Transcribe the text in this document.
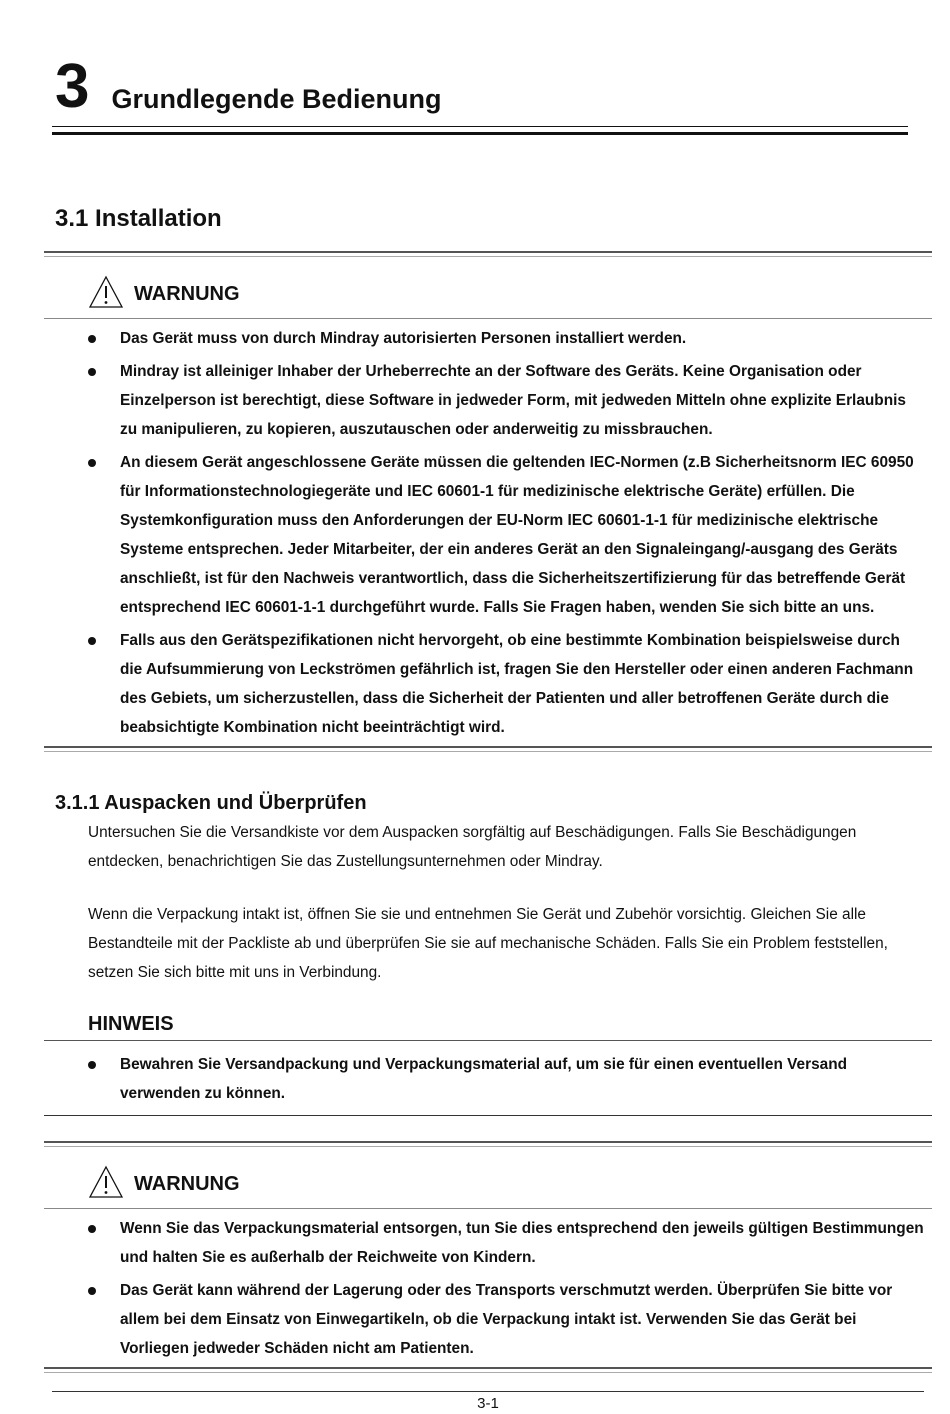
3 Grundlegende Bedienung
3.1 Installation
WARNUNG
Das Gerät muss von durch Mindray autorisierten Personen installiert werden.
Mindray ist alleiniger Inhaber der Urheberrechte an der Software des Geräts. Keine Organisation oder Einzelperson ist berechtigt, diese Software in jedweder Form, mit jedweden Mitteln ohne explizite Erlaubnis zu manipulieren, zu kopieren, auszutauschen oder anderweitig zu missbrauchen.
An diesem Gerät angeschlossene Geräte müssen die geltenden IEC-Normen (z.B Sicherheitsnorm IEC 60950 für Informationstechnologiegeräte und IEC 60601-1 für medizinische elektrische Geräte) erfüllen. Die Systemkonfiguration muss den Anforderungen der EU-Norm IEC 60601-1-1 für medizinische elektrische Systeme entsprechen. Jeder Mitarbeiter, der ein anderes Gerät an den Signaleingang/-ausgang des Geräts anschließt, ist für den Nachweis verantwortlich, dass die Sicherheitszertifizierung für das betreffende Gerät entsprechend IEC 60601-1-1 durchgeführt wurde. Falls Sie Fragen haben, wenden Sie sich bitte an uns.
Falls aus den Gerätspezifikationen nicht hervorgeht, ob eine bestimmte Kombination beispielsweise durch die Aufsummierung von Leckströmen gefährlich ist, fragen Sie den Hersteller oder einen anderen Fachmann des Gebiets, um sicherzustellen, dass die Sicherheit der Patienten und aller betroffenen Geräte durch die beabsichtigte Kombination nicht beeinträchtigt wird.
3.1.1 Auspacken und Überprüfen

Untersuchen Sie die Versandkiste vor dem Auspacken sorgfältig auf Beschädigungen. Falls Sie Beschädigungen entdecken, benachrichtigen Sie das Zustellungsunternehmen oder Mindray.

Wenn die Verpackung intakt ist, öffnen Sie sie und entnehmen Sie Gerät und Zubehör vorsichtig. Gleichen Sie alle Bestandteile mit der Packliste ab und überprüfen Sie sie auf mechanische Schäden. Falls Sie ein Problem feststellen, setzen Sie sich bitte mit uns in Verbindung.

HINWEIS
Bewahren Sie Versandpackung und Verpackungsmaterial auf, um sie für einen eventuellen Versand verwenden zu können.
WARNUNG
Wenn Sie das Verpackungsmaterial entsorgen, tun Sie dies entsprechend den jeweils gültigen Bestimmungen und halten Sie es außerhalb der Reichweite von Kindern.
Das Gerät kann während der Lagerung oder des Transports verschmutzt werden. Überprüfen Sie bitte vor allem bei dem Einsatz von Einwegartikeln, ob die Verpackung intakt ist. Verwenden Sie das Gerät bei Vorliegen jedweder Schäden nicht am Patienten.
3-1
